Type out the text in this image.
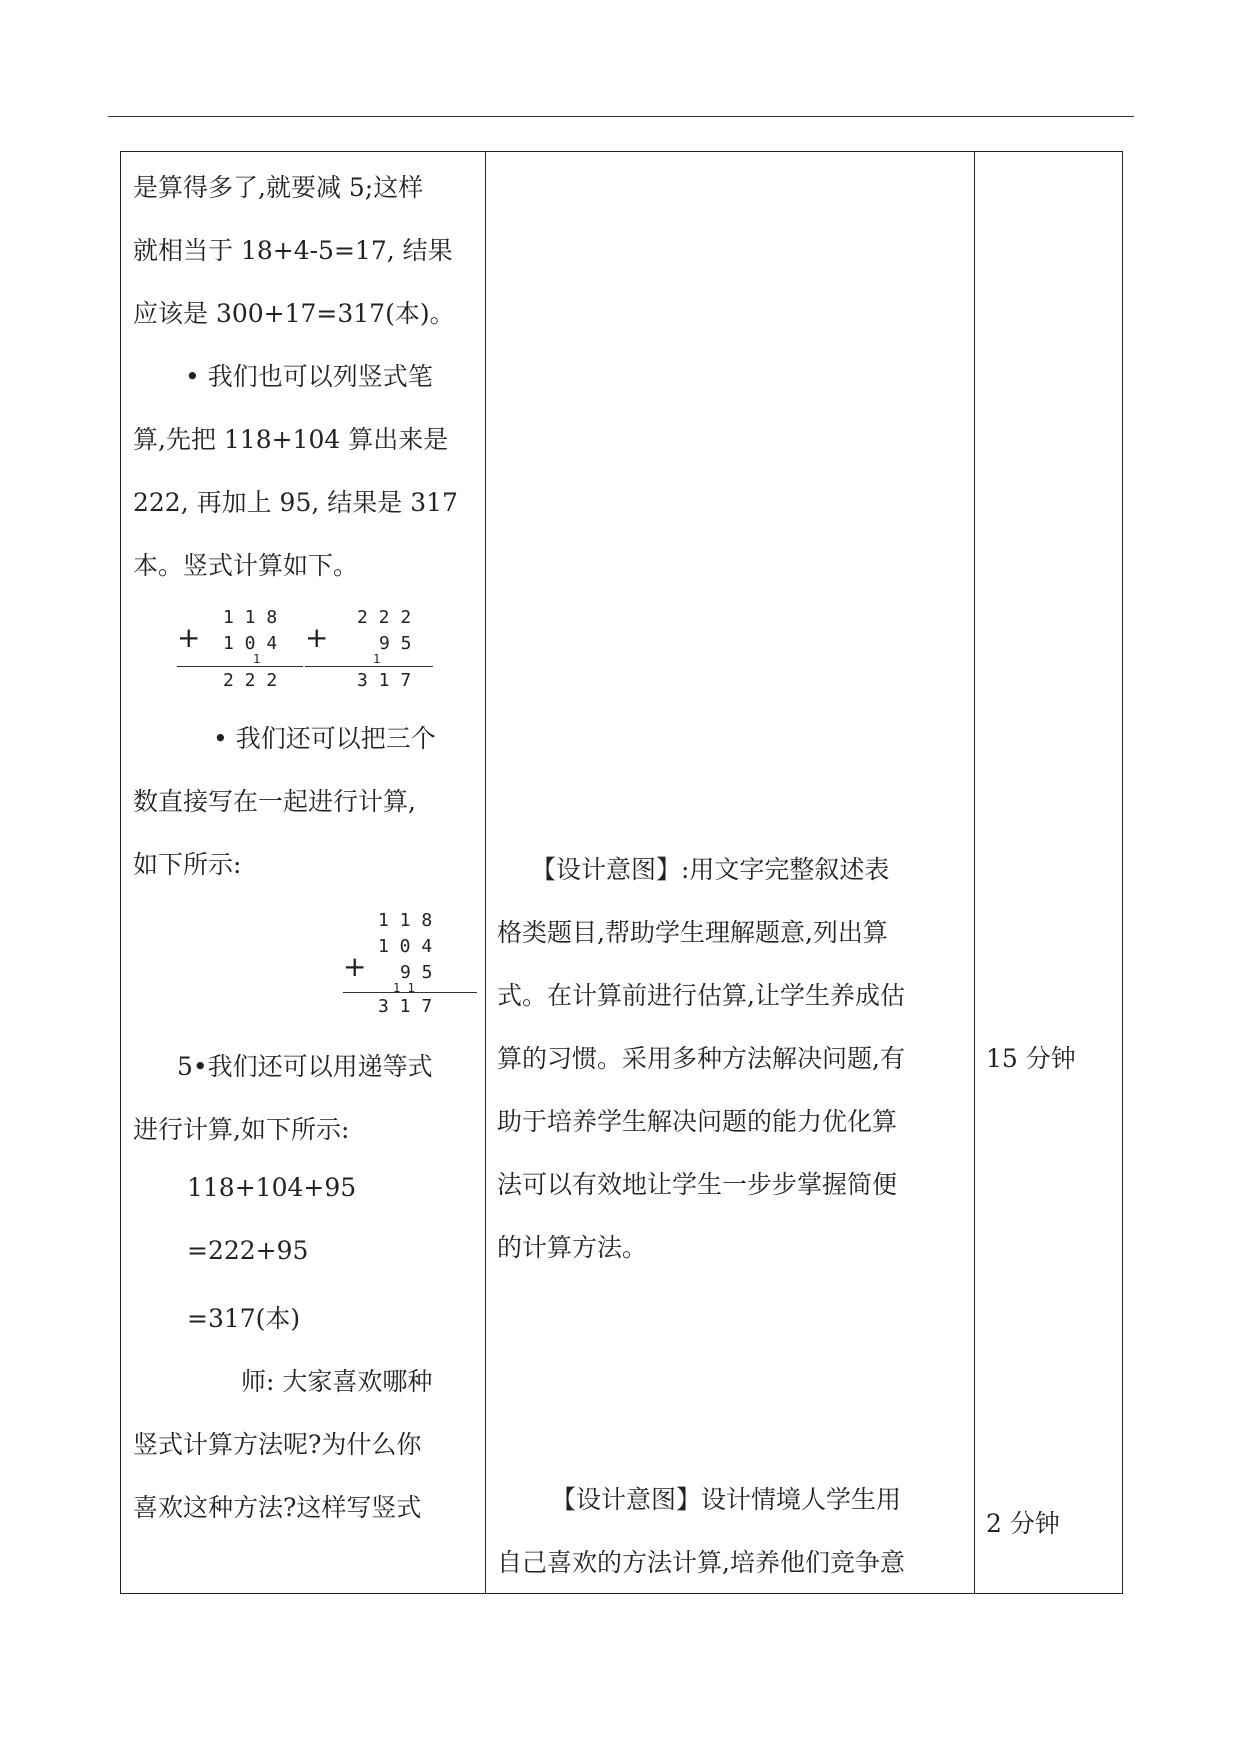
是算得多了,就要减 5;这样
就相当于 18+4-5=17, 结果
应该是 300+17=317(本)。
• 我们也可以列竖式笔
算,先把 118+104 算出来是
222, 再加上 95, 结果是 317
本。竖式计算如下。
1 1 8
+ 1 0 4
1
2 2 2
2 2 2
+	9 5
1
3 1 7
• 我们还可以把三个
数直接写在一起进行计算,
如下所示:
1 1 8
1 0 4
+ 9 5
1 1
3 1 7
5•我们还可以用递等式
进行计算,如下所示:
118+104+95
=222+95
=317(本)
师: 大家喜欢哪种
竖式计算方法呢?为什么你
喜欢这种方法?这样写竖式
【设计意图】:用文字完整叙述表
格类题目,帮助学生理解题意,列出算
式。在计算前进行估算,让学生养成估
算的习惯。采用多种方法解决问题,有
助于培养学生解决问题的能力优化算
法可以有效地让学生一步步掌握简便
的计算方法。
【设计意图】设计情境人学生用
自己喜欢的方法计算,培养他们竞争意
15 分钟
2 分钟
